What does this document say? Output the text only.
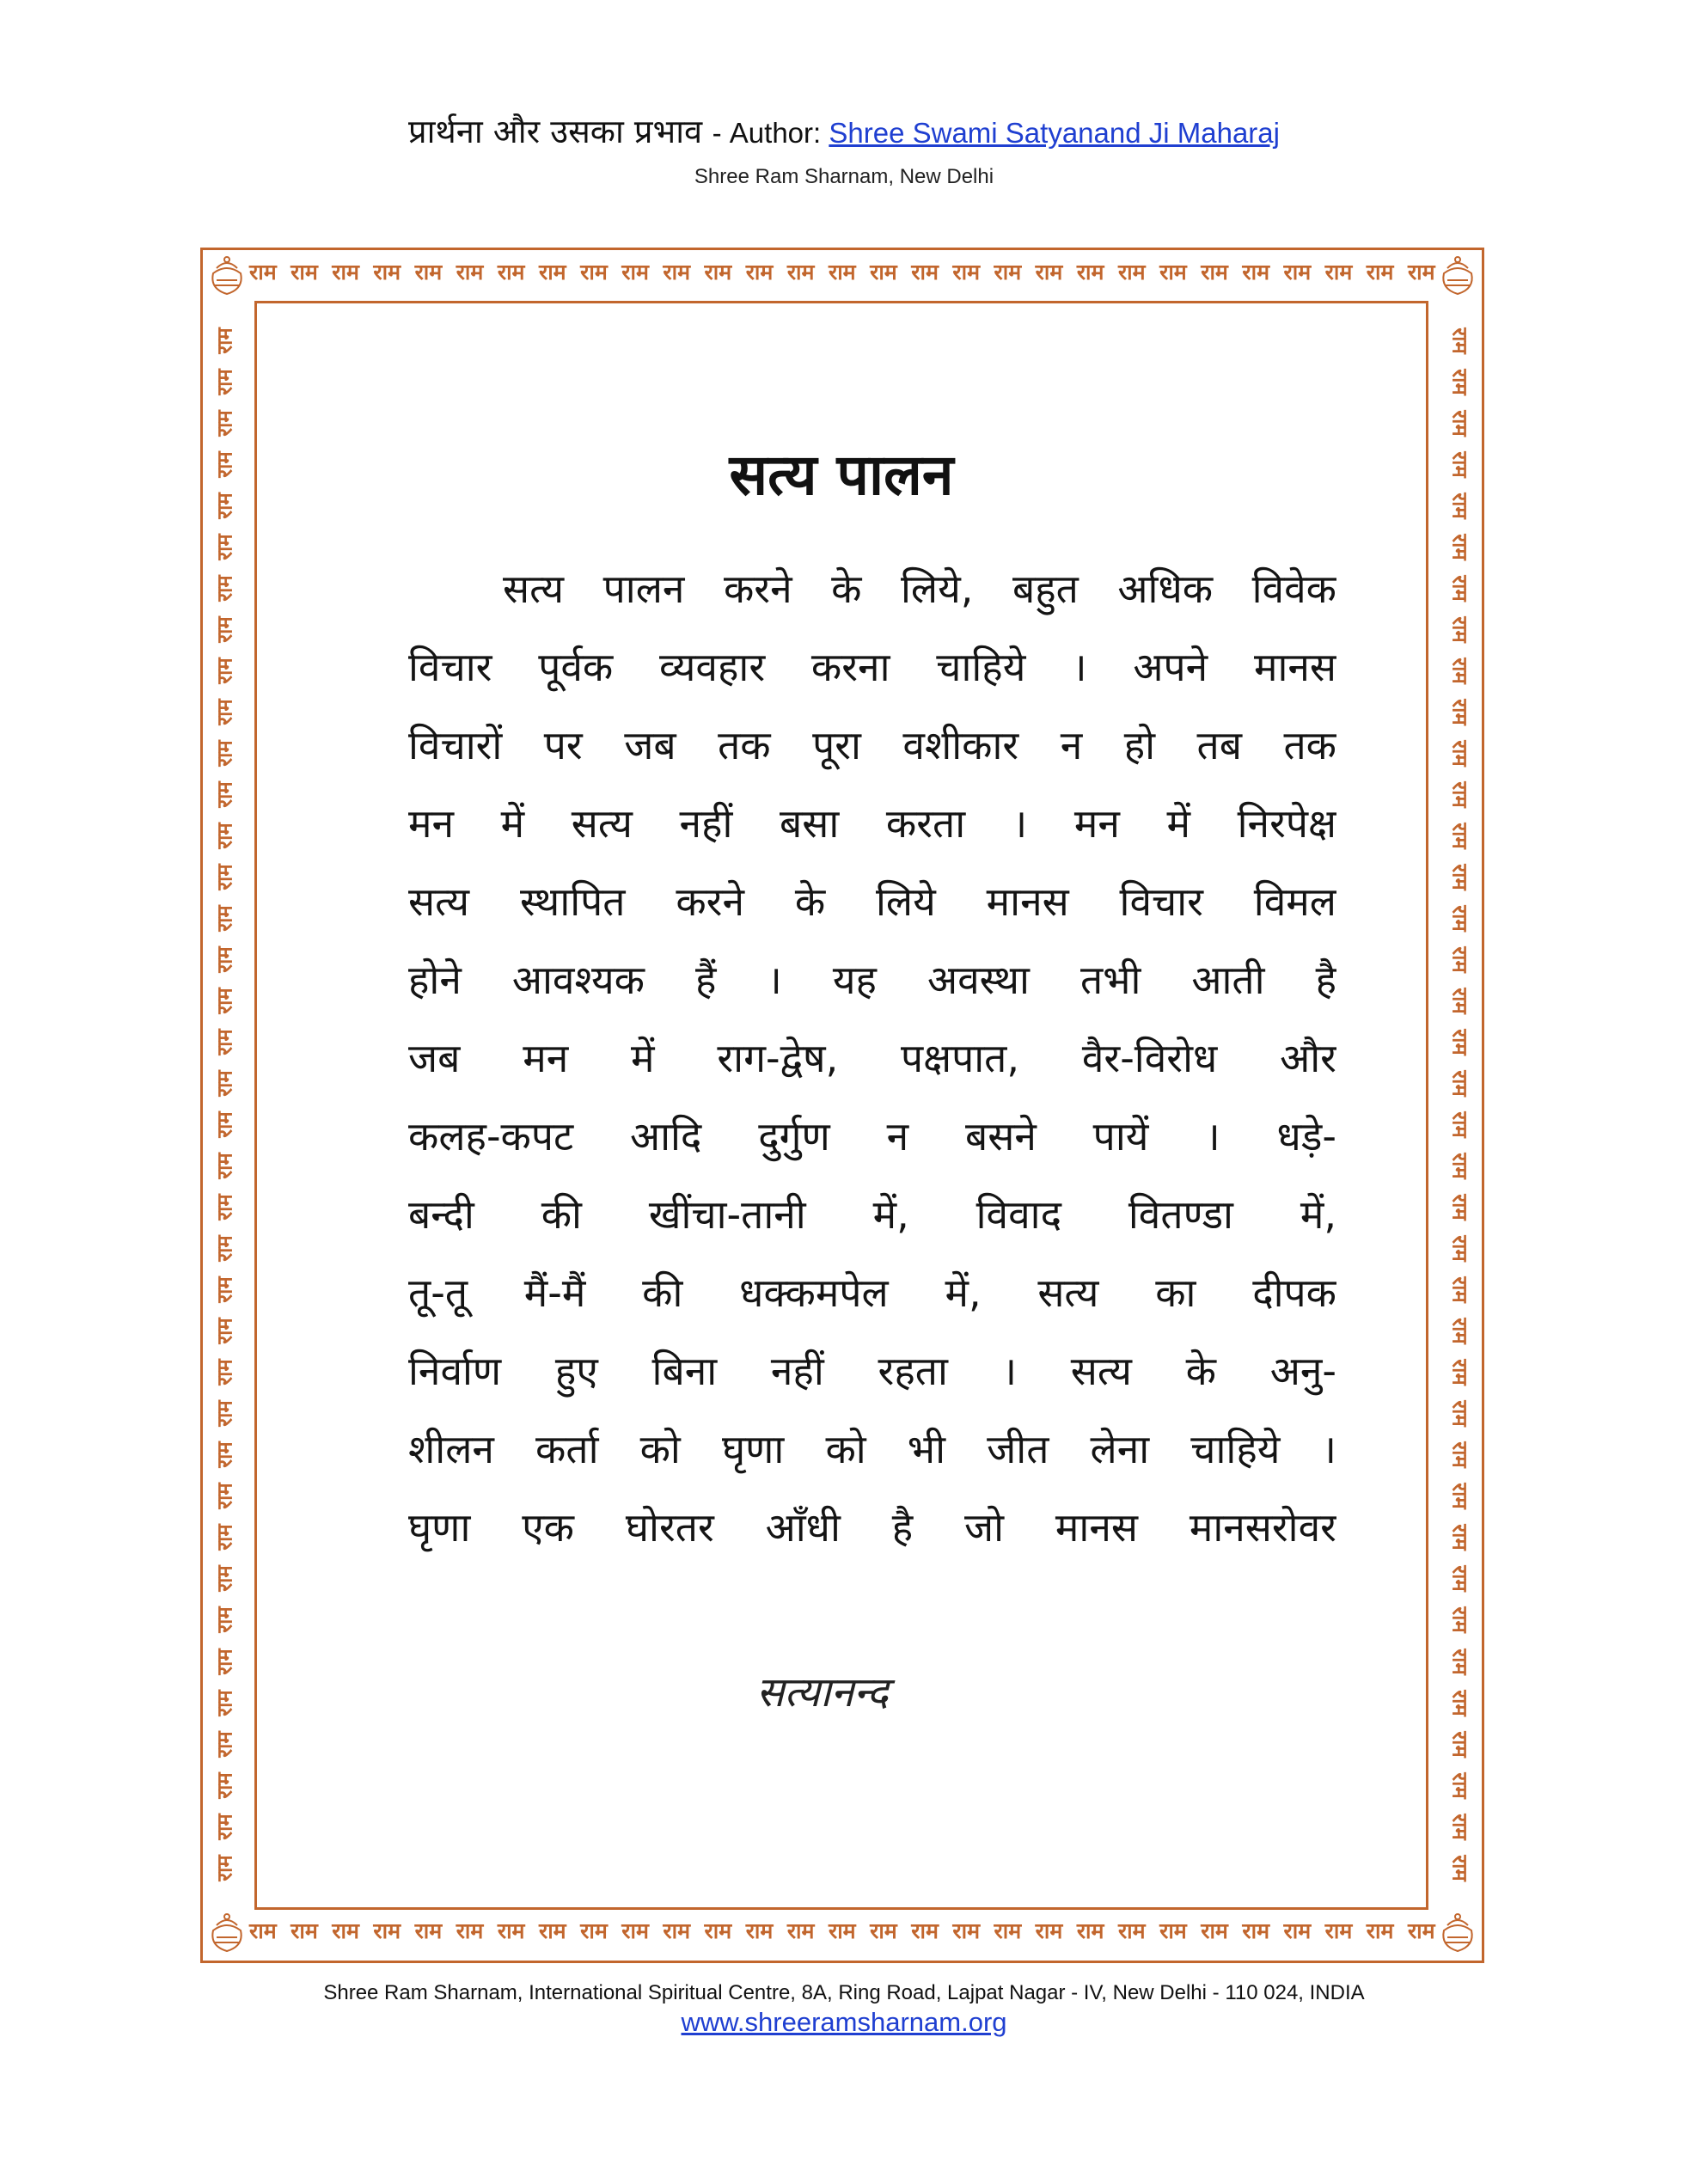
प्रार्थना और उसका प्रभाव - Author: Shree Swami Satyanand Ji Maharaj
Shree Ram Sharnam, New Delhi
राम राम राम राम राम राम राम राम राम राम राम राम राम राम राम राम राम राम राम राम राम राम राम राम राम राम राम राम राम
राम राम राम राम राम राम राम राम राम राम राम राम राम राम राम राम राम राम राम राम राम राम राम राम राम राम राम राम राम
राम
राम
राम
राम
राम
राम
राम
राम
राम
राम
राम
राम
राम
राम
राम
राम
राम
राम
राम
राम
राम
राम
राम
राम
राम
राम
राम
राम
राम
राम
राम
राम
राम
राम
राम
राम
राम
राम
राम
राम
राम
राम
राम
राम
राम
राम
राम
राम
राम
राम
राम
राम
राम
राम
राम
राम
राम
राम
राम
राम
राम
राम
राम
राम
राम
राम
राम
राम
राम
राम
राम
राम
राम
राम
राम
राम
सत्य पालन
सत्य पालन करने के लिये, बहुत अधिक विवेक
विचार पूर्वक व्यवहार करना चाहिये । अपने मानस
विचारों पर जब तक पूरा वशीकार न हो तब तक
मन में सत्य नहीं बसा करता । मन में निरपेक्ष
सत्य स्थापित करने के लिये मानस विचार विमल
होने आवश्यक हैं । यह अवस्था तभी आती है
जब मन में राग-द्वेष, पक्षपात, वैर-विरोध और
कलह-कपट आदि दुर्गुण न बसने पायें । धड़े-
बन्दी की खींचा-तानी में, विवाद वितण्डा में,
तू-तू मैं-मैं की धक्कमपेल में, सत्य का दीपक
निर्वाण हुए बिना नहीं रहता । सत्य के अनु-
शीलन कर्ता को घृणा को भी जीत लेना चाहिये ।
घृणा एक घोरतर आँधी है जो मानस मानसरोवर
सत्यानन्द
Shree Ram Sharnam, International Spiritual Centre, 8A, Ring Road, Lajpat Nagar - IV, New Delhi - 110 024, INDIA
www.shreeramsharnam.org
